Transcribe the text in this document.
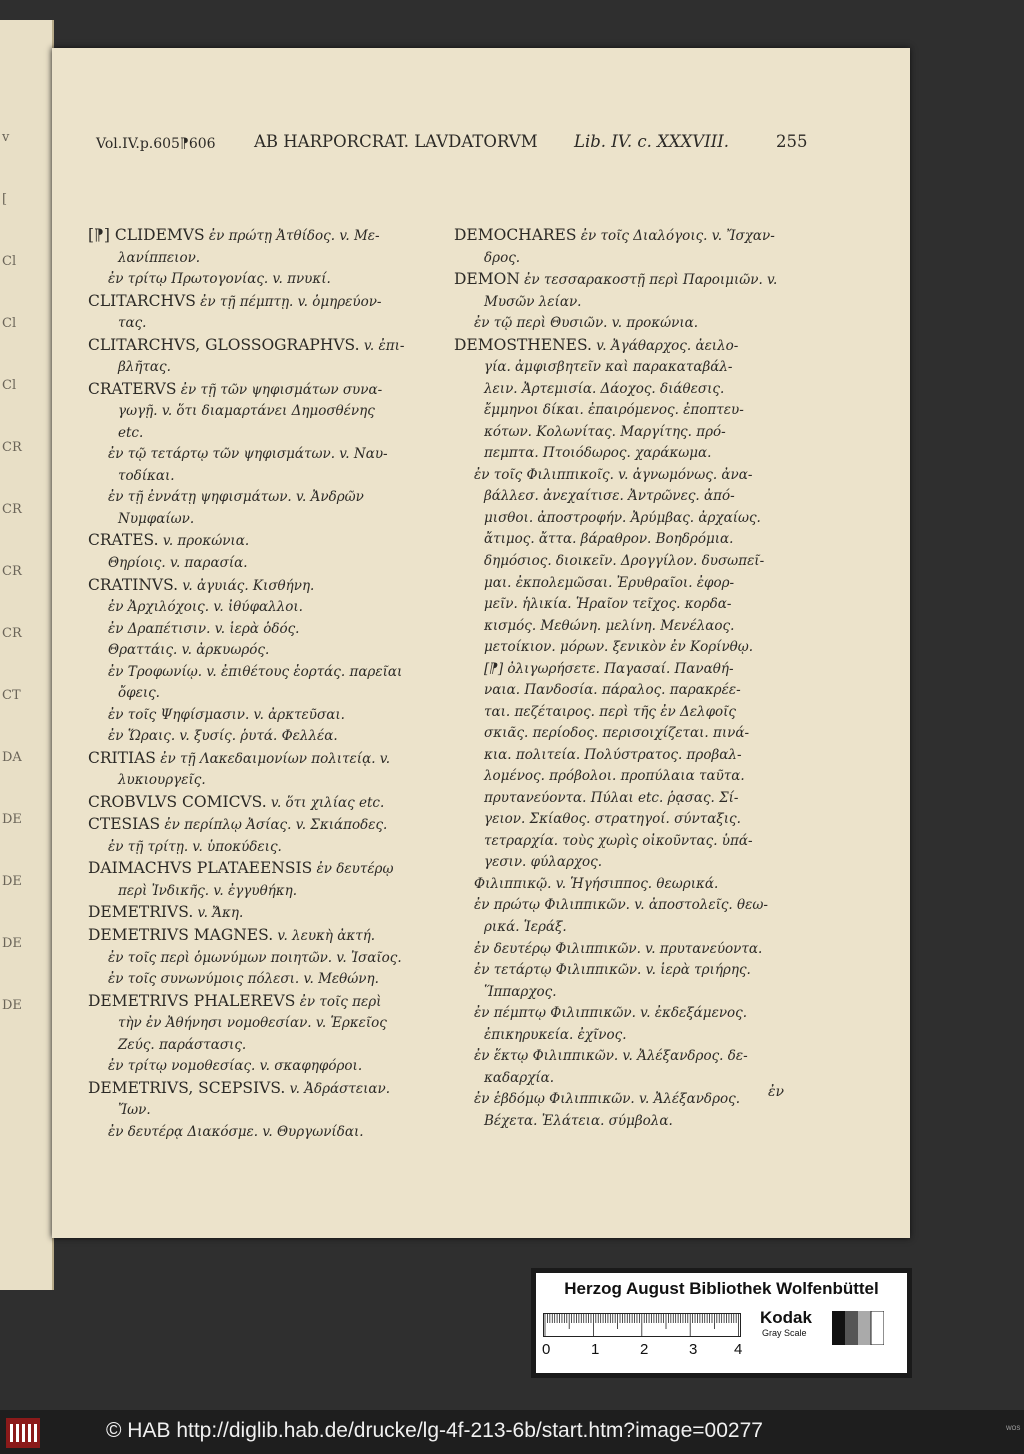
v
[
Cl
Cl
Cl
CR
CR
CR
CR
CT
DA
DE
DE
DE
DE
Vol.IV.p.605⁋606 AB HARPORCRAT. LAVDATORVM Lib. IV. c. XXXVIII.	255
[⁋] CLIDEMVS ἐν πρώτῃ Ἀτθίδος. v. Με-
λανίππειον.
ἐν τρίτῳ Πρωτογονίας. v. πνυκί.
CLITARCHVS ἐν τῇ πέμπτῃ. v. ὁμηρεύον-
τας.
CLITARCHVS, GLOSSOGRAPHVS. v. ἐπι-
βλῆτας.
CRATERVS ἐν τῇ τῶν ψηφισμάτων συνα-
γωγῇ. v. ὅτι διαμαρτάνει Δημοσθένης
etc.
ἐν τῷ τετάρτῳ τῶν ψηφισμάτων. v. Ναυ-
τοδίκαι.
ἐν τῇ ἐννάτῃ ψηφισμάτων. v. Ἀνδρῶν
Νυμφαίων.
CRATES. v. προκώνια.
Θηρίοις. v. παρασία.
CRATINVS. v. ἀγυιάς. Κισθήνη.
ἐν Ἀρχιλόχοις. v. ἰθύφαλλοι.
ἐν Δραπέτισιν. v. ἱερὰ ὁδός.
Θραττάις. v. ἀρκυωρός.
ἐν Τροφωνίῳ. v. ἐπιθέτους ἑορτάς. παρεῖαι
ὄφεις.
ἐν τοῖς Ψηφίσμασιν. v. ἀρκτεῦσαι.
ἐν Ὥραις. v. ξυσίς. ῥυτά. Φελλέα.
CRITIAS ἐν τῇ Λακεδαιμονίων πολιτείᾳ. v.
λυκιουργεῖς.
CROBVLVS COMICVS. v. ὅτι χιλίας etc.
CTESIAS ἐν περίπλῳ Ἀσίας. v. Σκιάποδες.
ἐν τῇ τρίτῃ. v. ὑποκύδεις.
DAIMACHVS PLATAEENSIS ἐν δευτέρῳ
περὶ Ἰνδικῆς. v. ἐγγυθήκη.
DEMETRIVS. v. Ἄκη.
DEMETRIVS MAGNES. v. λευκὴ ἀκτή.
ἐν τοῖς περὶ ὁμωνύμων ποιητῶν. v. Ἰσαῖος.
ἐν τοῖς συνωνύμοις πόλεσι. v. Μεθώνη.
DEMETRIVS PHALEREVS ἐν τοῖς περὶ
τὴν ἐν Ἀθήνησι νομοθεσίαν. v. Ἑρκεῖος
Ζεύς. παράστασις.
ἐν τρίτῳ νομοθεσίας. v. σκαφηφόροι.
DEMETRIVS, SCEPSIVS. v. Ἀδράστειαν.
Ἴων.
ἐν δευτέρᾳ Διακόσμε. v. Θυργωνίδαι.
DEMOCHARES ἐν τοῖς Διαλόγοις. v. Ἴσχαν-
δρος.
DEMON ἐν τεσσαρακοστῇ περὶ Παροιμιῶν. v.
Μυσῶν λείαν.
ἐν τῷ περὶ Θυσιῶν. v. προκώνια.
DEMOSTHENES. v. Ἀγάθαρχος. ἀειλο-
γία. ἀμφισβητεῖν καὶ παρακαταβάλ-
λειν. Ἀρτεμισία. Δάοχος. διάθεσις.
ἔμμηνοι δίκαι. ἐπαιρόμενος. ἐποπτευ-
κότων. Κολωνίτας. Μαργίτης. πρό-
πεμπτα. Πτοιόδωρος. χαράκωμα.
ἐν τοῖς Φιλιππικοῖς. v. ἀγνωμόνως. ἀνα-
βάλλεσ. ἀνεχαίτισε. Ἀντρῶνες. ἀπό-
μισθοι. ἀποστροφήν. Ἀρύμβας. ἀρχαίως.
ἄτιμος. ἄττα. βάραθρον. Βοηδρόμια.
δημόσιος. διοικεῖν. Δρογγίλον. δυσωπεῖ-
μαι. ἐκπολεμῶσαι. Ἐρυθραῖοι. ἐφορ-
μεῖν. ἡλικία. Ἡραῖον τεῖχος. κορδα-
κισμός. Μεθώνη. μελίνη. Μενέλαος.
μετοίκιον. μόρων. ξενικὸν ἐν Κορίνθῳ.
[⁋] ὀλιγωρήσετε. Παγασαί. Παναθή-
ναια. Πανδοσία. πάραλος. παρακρέε-
ται. πεζέταιρος. περὶ τῆς ἐν Δελφοῖς
σκιᾶς. περίοδος. περισοιχίζεται. πινά-
κια. πολιτεία. Πολύστρατος. προβαλ-
λομένος. πρόβολοι. προπύλαια ταῦτα.
πρυτανεύοντα. Πύλαι etc. ῥᾳσας. Σί-
γειον. Σκίαθος. στρατηγοί. σύνταξις.
τετραρχία. τοὺς χωρὶς οἰκοῦντας. ὑπά-
γεσιν. φύλαρχος.
Φιλιππικῷ. v. Ἡγήσιππος. θεωρικά.
ἐν πρώτῳ Φιλιππικῶν. v. ἀποστολεῖς. θεω-
ρικά. Ἱεράξ.
ἐν δευτέρῳ Φιλιππικῶν. v. πρυτανεύοντα.
ἐν τετάρτῳ Φιλιππικῶν. v. ἱερὰ τριήρης.
Ἵππαρχος.
ἐν πέμπτῳ Φιλιππικῶν. v. ἐκδεξάμενος.
ἐπικηρυκεία. ἐχῖνος.
ἐν ἕκτῳ Φιλιππικῶν. v. Ἀλέξανδρος. δε-
καδαρχία.
ἐν ἑβδόμῳ Φιλιππικῶν. v. Ἀλέξανδρος.
Βέχετα. Ἐλάτεια. σύμβολα.
ἐν
Herzog August Bibliothek Wolfenbüttel
0	1	2	3 4
Kodak
Gray Scale
© HAB http://diglib.hab.de/drucke/lg-4f-213-6b/start.htm?image=00277	WOS
